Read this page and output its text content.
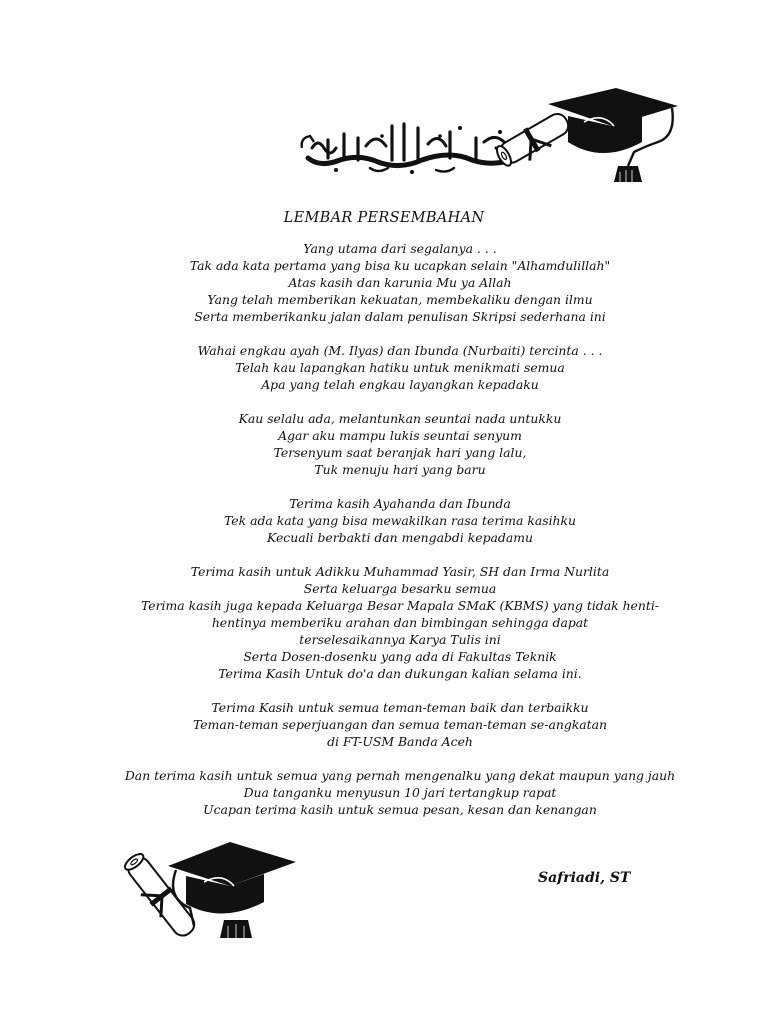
LEMBAR PERSEMBAHAN

Yang utama dari segalanya . . .
Tak ada kata pertama yang bisa ku ucapkan selain "Alhamdulillah"
Atas kasih dan karunia Mu ya Allah
Yang telah memberikan kekuatan, membekaliku dengan ilmu
Serta memberikanku jalan dalam penulisan Skripsi sederhana ini

Wahai engkau ayah (M. Ilyas) dan Ibunda (Nurbaiti) tercinta . . .
Telah kau lapangkan hatiku untuk menikmati semua
Apa yang telah engkau layangkan kepadaku

Kau selalu ada, melantunkan seuntai nada untukku
Agar aku mampu lukis seuntai senyum
Tersenyum saat beranjak hari yang lalu,
Tuk menuju hari yang baru

Terima kasih Ayahanda dan Ibunda
Tek ada kata yang bisa mewakilkan rasa terima kasihku
Kecuali berbakti dan mengabdi kepadamu

Terima kasih untuk Adikku Muhammad Yasir, SH dan Irma Nurlita
Serta keluarga besarku semua
Terima kasih juga kepada Keluarga Besar Mapala SMaK (KBMS) yang tidak henti-
hentinya memberiku arahan dan bimbingan sehingga dapat
terselesaikannya Karya Tulis ini
Serta Dosen-dosenku yang ada di Fakultas Teknik
Terima Kasih Untuk do'a dan dukungan kalian selama ini.

Terima Kasih untuk semua teman-teman baik dan terbaikku
Teman-teman seperjuangan dan semua teman-teman se-angkatan
di FT-USM Banda Aceh

Dan terima kasih untuk semua yang pernah mengenalku yang dekat maupun yang jauh
Dua tanganku menyusun 10 jari tertangkup rapat
Ucapan terima kasih untuk semua pesan, kesan dan kenangan

Safriadi, ST
